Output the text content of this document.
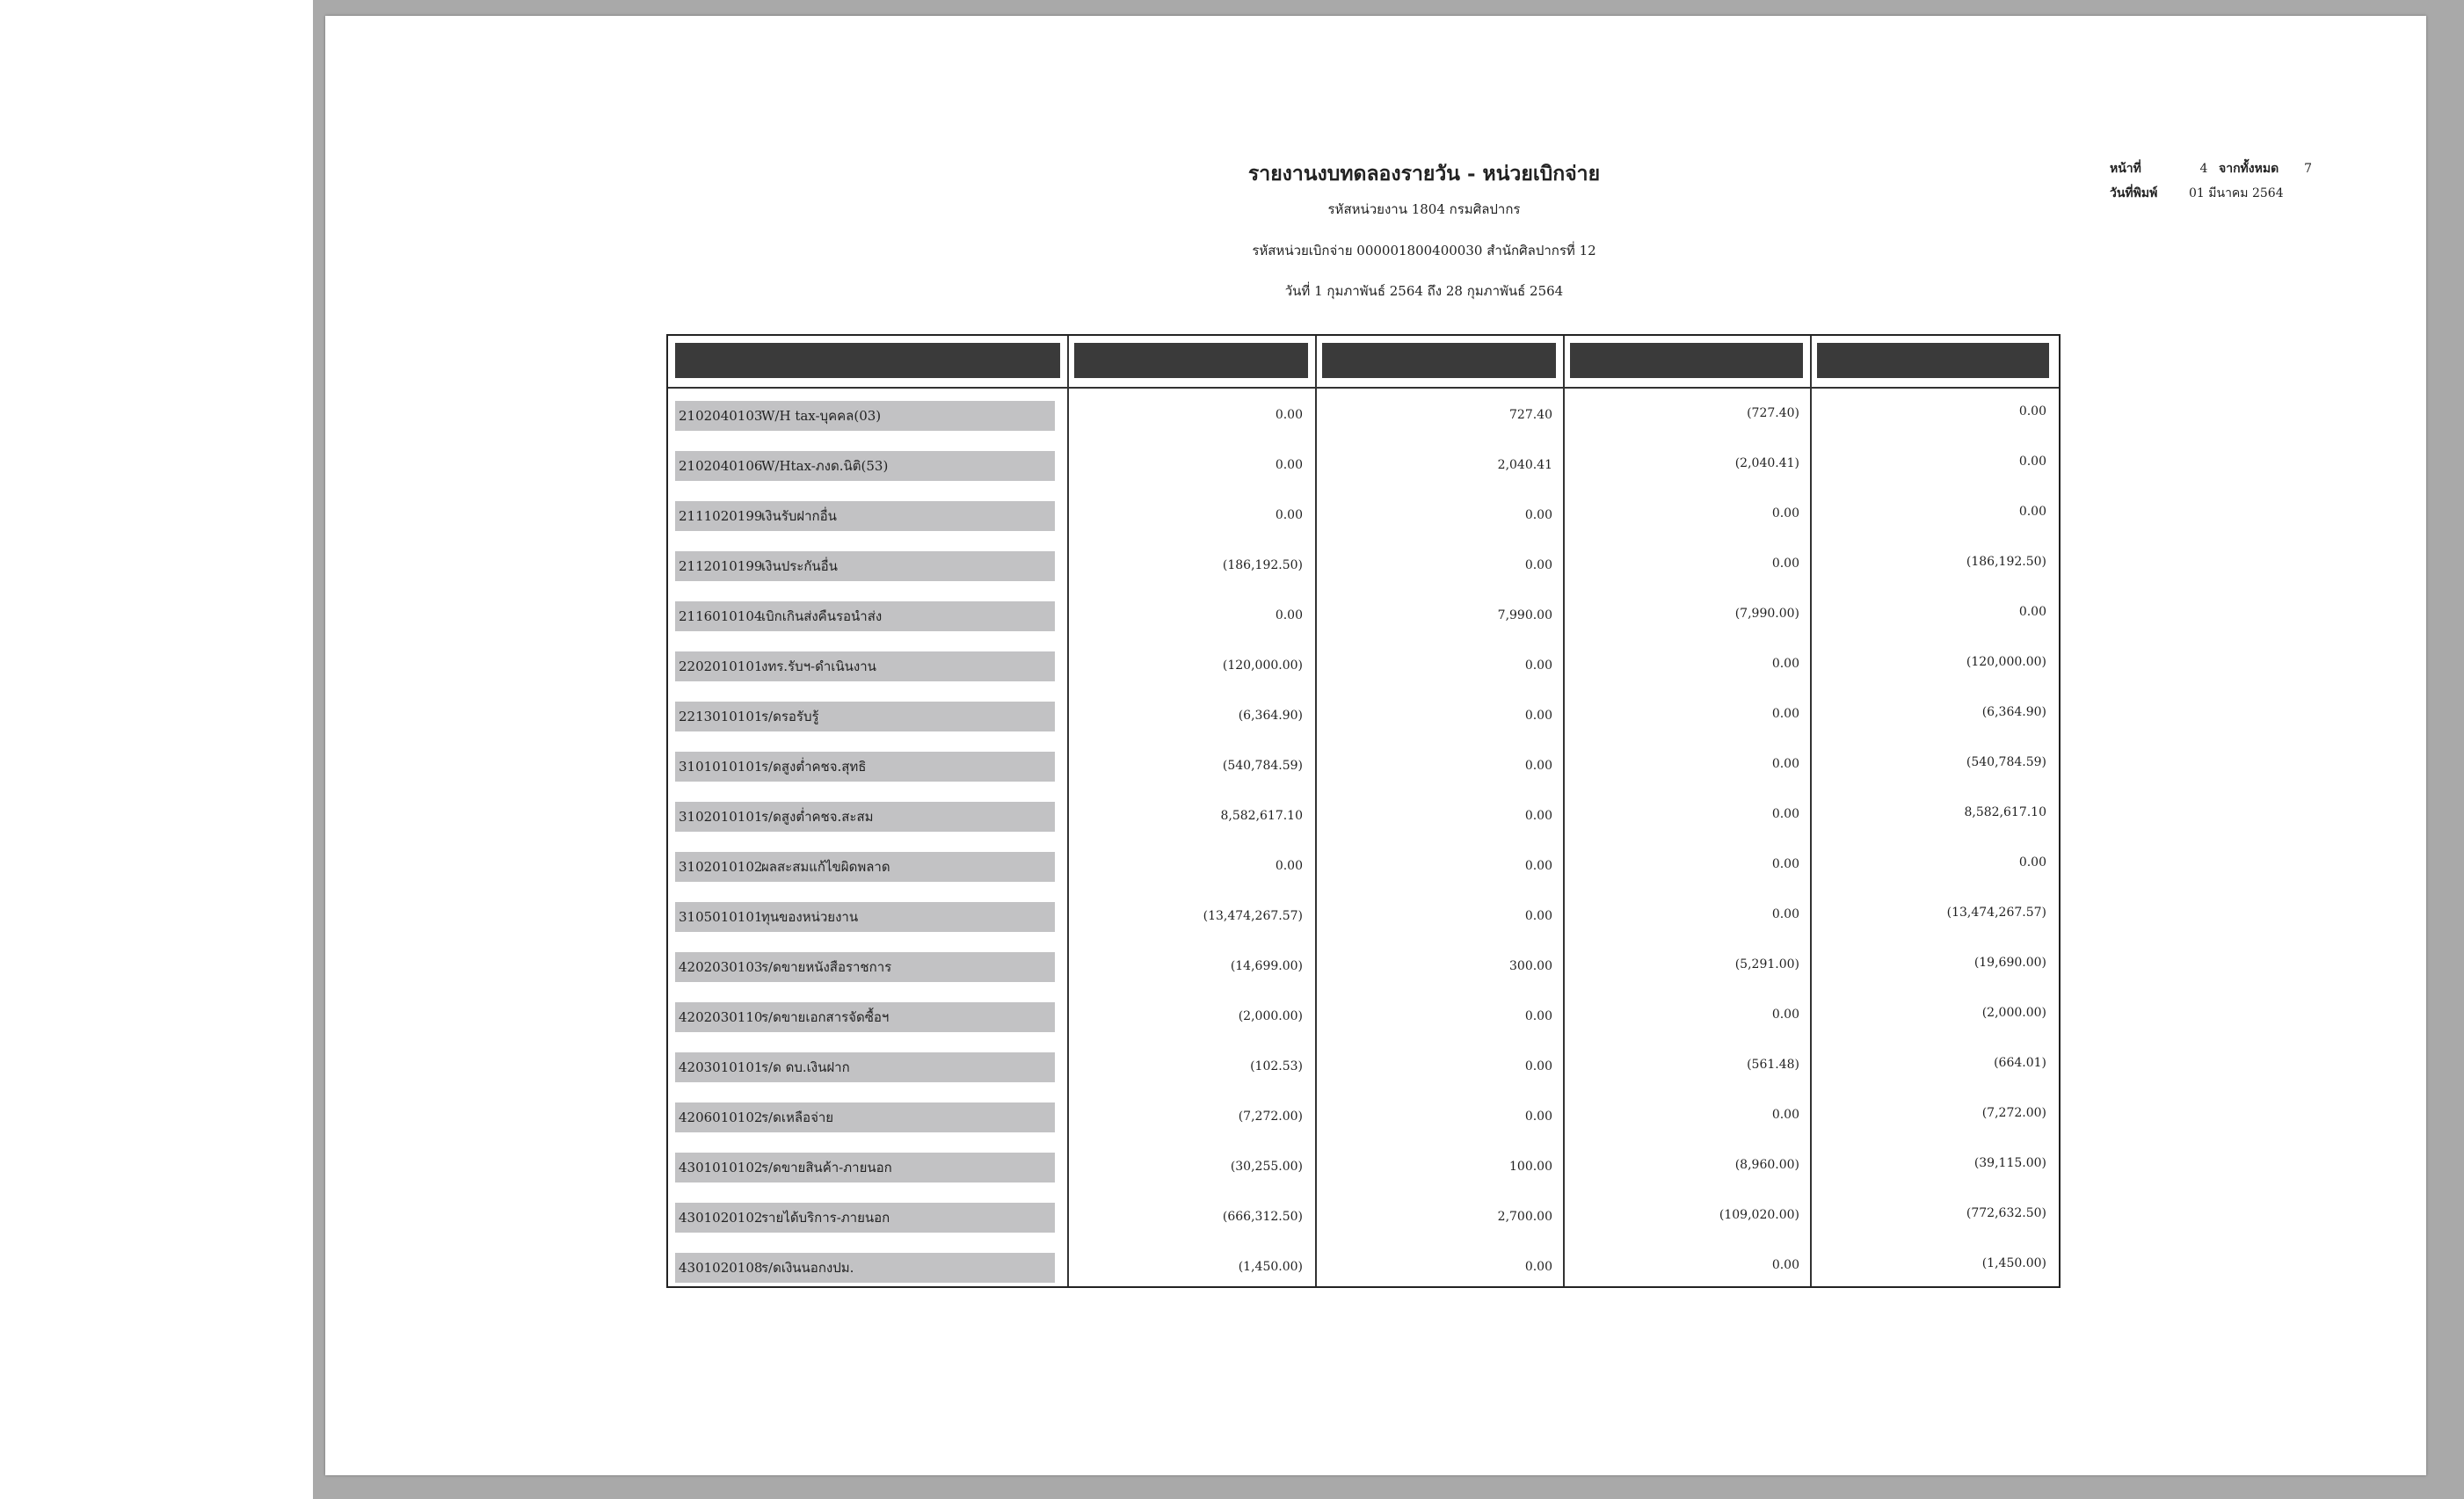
รายงานงบทดลองรายวัน - หน่วยเบิกจ่าย
รหัสหน่วยงาน 1804 กรมศิลปากร
รหัสหน่วยเบิกจ่าย 000001800400030 สำนักศิลปากรที่ 12
วันที่ 1 กุมภาพันธ์ 2564 ถึง 28 กุมภาพันธ์ 2564
หน้าที่	4 จากทั้งหมด	7
วันที่พิมพ์	01 มีนาคม 2564
2102040103W/H tax-บุคคล(03)	0.00	727.40	(727.40)	0.00
2102040106W/Htax-ภงด.นิติ(53)	0.00	2,040.41	(2,040.41)	0.00
2111020199เงินรับฝากอื่น	0.00	0.00	0.00	0.00
2112010199เงินประกันอื่น	(186,192.50)	0.00	0.00	(186,192.50)
2116010104เบิกเกินส่งคืนรอนำส่ง	0.00	7,990.00	(7,990.00)	0.00
2202010101งทร.รับฯ-ดำเนินงาน	(120,000.00)	0.00	0.00	(120,000.00)
2213010101ร/ดรอรับรู้	(6,364.90)	0.00	0.00	(6,364.90)
3101010101ร/ดสูงต่ำคชจ.สุทธิ	(540,784.59)	0.00	0.00	(540,784.59)
3102010101ร/ดสูงต่ำคชจ.สะสม	8,582,617.10	0.00	0.00	8,582,617.10
3102010102ผลสะสมแก้ไขผิดพลาด	0.00	0.00	0.00	0.00
3105010101ทุนของหน่วยงาน	(13,474,267.57)	0.00	0.00	(13,474,267.57)
4202030103ร/ดขายหนังสือราชการ	(14,699.00)	300.00	(5,291.00)	(19,690.00)
4202030110ร/ดขายเอกสารจัดซื้อฯ	(2,000.00)	0.00	0.00	(2,000.00)
4203010101ร/ด ดบ.เงินฝาก	(102.53)	0.00	(561.48)	(664.01)
4206010102ร/ดเหลือจ่าย	(7,272.00)	0.00	0.00	(7,272.00)
4301010102ร/ดขายสินค้า-ภายนอก	(30,255.00)	100.00	(8,960.00)	(39,115.00)
4301020102รายได้บริการ-ภายนอก	(666,312.50)	2,700.00	(109,020.00)	(772,632.50)
4301020108ร/ดเงินนอกงปม.	(1,450.00)	0.00	0.00	(1,450.00)
